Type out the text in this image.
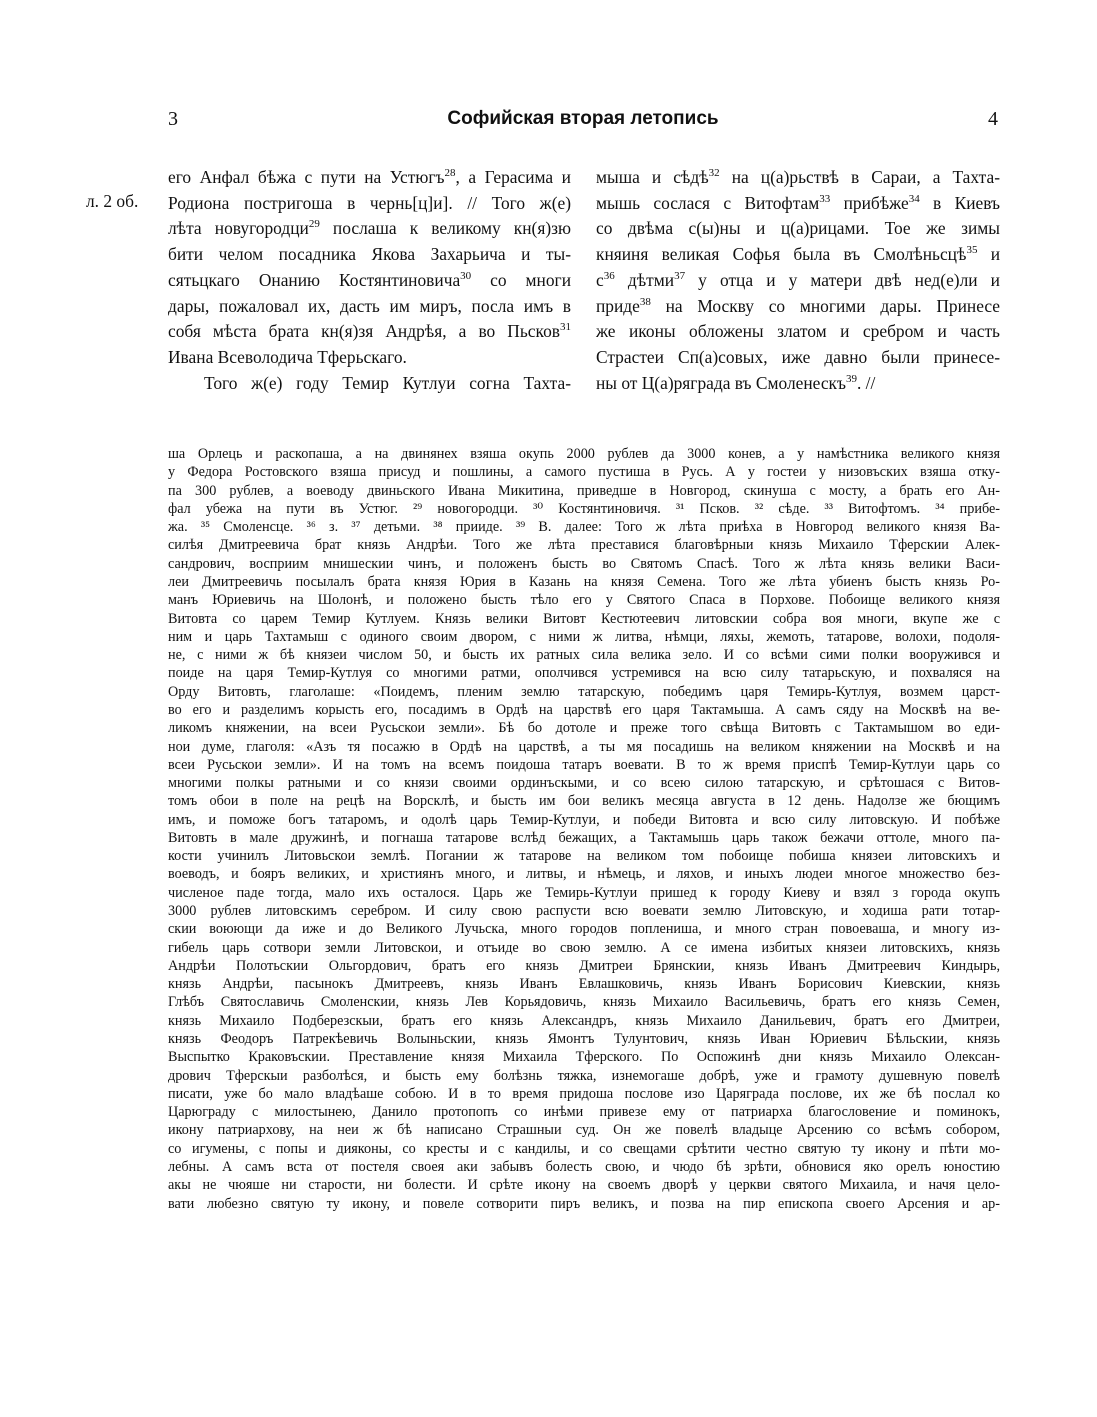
3	Софийская вторая летопись	4
л. 2 об.
его Анфал бѣжа с пути на Устюгъ$^{28}$, а Герасима и
Родиона постригоша в чернь[ц]и]. // Того ж(е)
лѣта новугородци$^{29}$ послаша к великому кн(я)зю
бити челом посадника Якова Захарьича и ты-
сятьцкаго Онанию Костянтиновича$^{30}$ со многи
дары, пожаловал их, дасть им миръ, посла имъ в
собя мѣста брата кн(я)зя Андрѣя, а во Пьсков$^{31}$
Ивана Всеволодича Тферьскаго.
Того ж(е) году Темир Кутлуи согна Тахта-
мыша и сѣдѣ$^{32}$ на ц(а)рьствѣ в Сараи, а Тахта-
мышь сослася с Витофтам$^{33}$ прибѣже$^{34}$ в Киевъ
со двѣма с(ы)ны и ц(а)рицами. Тое же зимы
княиня великая Софья была въ Смолѣньсцѣ$^{35}$ и
$с^{36}$ дѣтми$^{37}$ у отца и у матери двѣ нед(е)ли и
приде$^{38}$ на Москву со многими дары. Принесе
же иконы обложены златом и сребром и часть
Страстеи Сп(а)совых, иже давно были принесе-
ны от Ц(а)ряграда въ Смоленескъ$^{39}$. //
ша Орлець и раскопаша, а на двинянех взяша окупь 2000 рублев да 3000 конев, а у намѣстника великого князя
у Федора Ростовского взяша присуд и пошлины, а самого пустиша в Русь. А у гостеи у низовъских взяша отку-
па 300 рублев, а воеводу двиньского Ивана Микитина, приведше в Новгород, скинуша с мосту, а брать его Ан-
фал убежа на пути въ Устюг. ²⁹ новогородци. ³⁰ Костянтиновичя. ³¹ Псков. ³² сѣде. ³³ Витофтомъ. ³⁴ прибе-
жа. ³⁵ Смоленсце. ³⁶ з. ³⁷ детьми. ³⁸ прииде. ³⁹ В. далее: Того ж лѣта приѣха в Новгород великого князя Ва-
силѣя Дмитреевича брат князь Андрѣи. Того же лѣта преставися благовѣрныи князь Михаило Тферскии Алек-
сандрович, восприим мнишескии чинъ, и положенъ бысть во Святомъ Спасѣ. Того ж лѣта князь велики Васи-
леи Дмитреевичь посылалъ брата князя Юрия в Казань на князя Семена. Того же лѣта убиенъ бысть князь Ро-
манъ Юриевичь на Шолонѣ, и положено бысть тѣло его у Святого Спаса в Порхове. Побоище великого князя
Витовта со царем Темир Кутлуем. Князь велики Витовт Кестютеевич литовскии собра воя многи, вкупе же с
ним и царь Тахтамыш с одиного своим двором, с ними ж литва, нѣмци, ляхы, жемоть, татарове, волохи, подоля-
не, с ними ж бѣ князеи числом 50, и бысть их ратных сила велика зело. И со всѣми сими полки вооружився и
поиде на царя Темир-Кутлуя со многими ратми, ополчився устремився на всю силу татарьскую, и похваляся на
Орду Витовть, глаголаше: «Поидемъ, пленим землю татарскую, победимъ царя Темирь-Кутлуя, возмем царст-
во его и разделимъ корысть его, посадимъ в Ордѣ на царствѣ его царя Тактамыша. А самъ сяду на Москвѣ на ве-
ликомъ княжении, на всеи Русьскои земли». Бѣ бо дотоле и преже того свѣща Витовть с Тактамышом во еди-
нои думе, глаголя: «Азъ тя посажю в Ордѣ на царствѣ, а ты мя посадишь на великом княжении на Москвѣ и на
всеи Русьскои земли». И на томъ на всемъ поидоша татаръ воевати. В то ж время приспѣ Темир-Кутлуи царь со
многими полкы ратными и со князи своими ординъскыми, и со всею силою татарскую, и срѣтошася с Витов-
томъ обои в поле на рецѣ на Ворсклѣ, и бысть им бои великъ месяца августа в 12 день. Надолзе же бющимъ
имъ, и поможе богъ татаромъ, и одолѣ царь Темир-Кутлуи, и победи Витовта и всю силу литовскую. И побѣже
Витовть в мале дружинѣ, и погнаша татарове вслѣд бежащих, а Тактамышь царь також бежачи оттоле, много па-
кости учинилъ Литовьскои землѣ. Погании ж татарове на великом том побоище побиша князеи литовскихъ и
воеводъ, и бояръ великих, и християнъ много, и литвы, и нѣмець, и ляхов, и иныхъ людеи многое множество без-
численое паде тогда, мало ихъ осталося. Царь же Темирь-Кутлуи пришед к городу Киеву и взял з города окупъ
3000 рублев литовскимъ серебром. И силу свою распусти всю воевати землю Литовскую, и ходиша рати тотар-
скии воюющи да иже и до Великого Лучьска, много городов поплениша, и много стран повоеваша, и многу из-
гибель царь сотвори земли Литовскои, и отъиде во свою землю. А се имена избитых князеи литовскихъ, князь
Андрѣи Полотьскии Ольгордович, братъ его князь Дмитреи Брянскии, князь Иванъ Дмитреевич Киндырь,
князь Андрѣи, пасынокъ Дмитреевъ, князь Иванъ Евлашковичь, князь Иванъ Борисович Киевскии, князь
Глѣбъ Святославичь Смоленскии, князь Лев Корьядовичь, князь Михаило Васильевичь, братъ его князь Семен,
князь Михаило Подберезскыи, братъ его князь Александръ, князь Михаило Данильевич, братъ его Дмитреи,
князь Феодоръ Патрекѣевичь Волыньскии, князь Ямонтъ Тулунтович, князь Иван Юриевич Бѣльскии, князь
Выспытко Краковъскии. Преставление князя Михаила Тферского. По Оспожинѣ дни князь Михаило Олексан-
дрович Тферскыи разболѣся, и бысть ему болѣзнь тяжка, изнемогаше добрѣ, уже и грамоту душевную повелѣ
писати, уже бо мало владѣаше собою. И в то время придоша послове изо Царяграда послове, их же бѣ послал ко
Царюграду с милостынею, Данило протопопъ со инѣми привезе ему от патриарха благословение и поминокъ,
икону патриархову, на неи ж бѣ написано Страшныи суд. Он же повелѣ владыце Арсению со всѣмъ собором,
со игумены, с попы и дияконы, со кресты и с кандилы, и со свещами срѣтити честно святую ту икону и пѣти мо-
лебны. А самъ вста от постеля своея аки забывъ болесть свою, и чюдо бѣ зрѣти, обновися яко орелъ юностию
акы не чюяше ни старости, ни болести. И срѣте икону на своемъ дворѣ у церкви святого Михаила, и начя цело-
вати любезно святую ту икону, и повеле сотворити пиръ великъ, и позва на пир епископа своего Арсения и ар-
